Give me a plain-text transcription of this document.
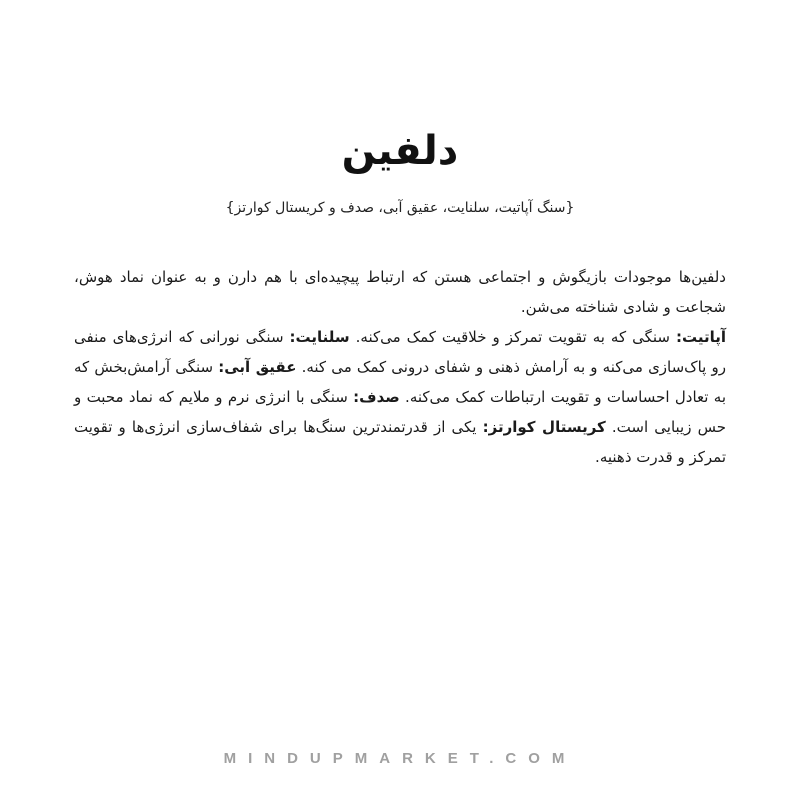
دلفین
{سنگ آپاتیت، سلنایت، عقیق آبی، صدف و کریستال کوارتز}

دلفین‌ها موجودات بازیگوش و اجتماعی هستن که ارتباط پیچیده‌ای با هم دارن و به عنوان نماد هوش، شجاعت و شادی شناخته می‌شن.

آپاتیت: سنگی که به تقویت تمرکز و خلاقیت کمک می‌کنه. سلنایت: سنگی نورانی که انرژی‌های منفی رو پاک‌سازی می‌کنه و به آرامش ذهنی و شفای درونی کمک می کنه. عقیق آبی: سنگی آرامش‌بخش که به تعادل احساسات و تقویت ارتباطات کمک می‌کنه. صدف: سنگی با انرژی نرم و ملایم که نماد محبت و حس زیبایی است. کریستال کوارتز: یکی از قدرتمندترین سنگ‌ها برای شفاف‌سازی انرژی‌ها و تقویت تمرکز و قدرت ذهنیه.

MINDUPMARKET.COM
